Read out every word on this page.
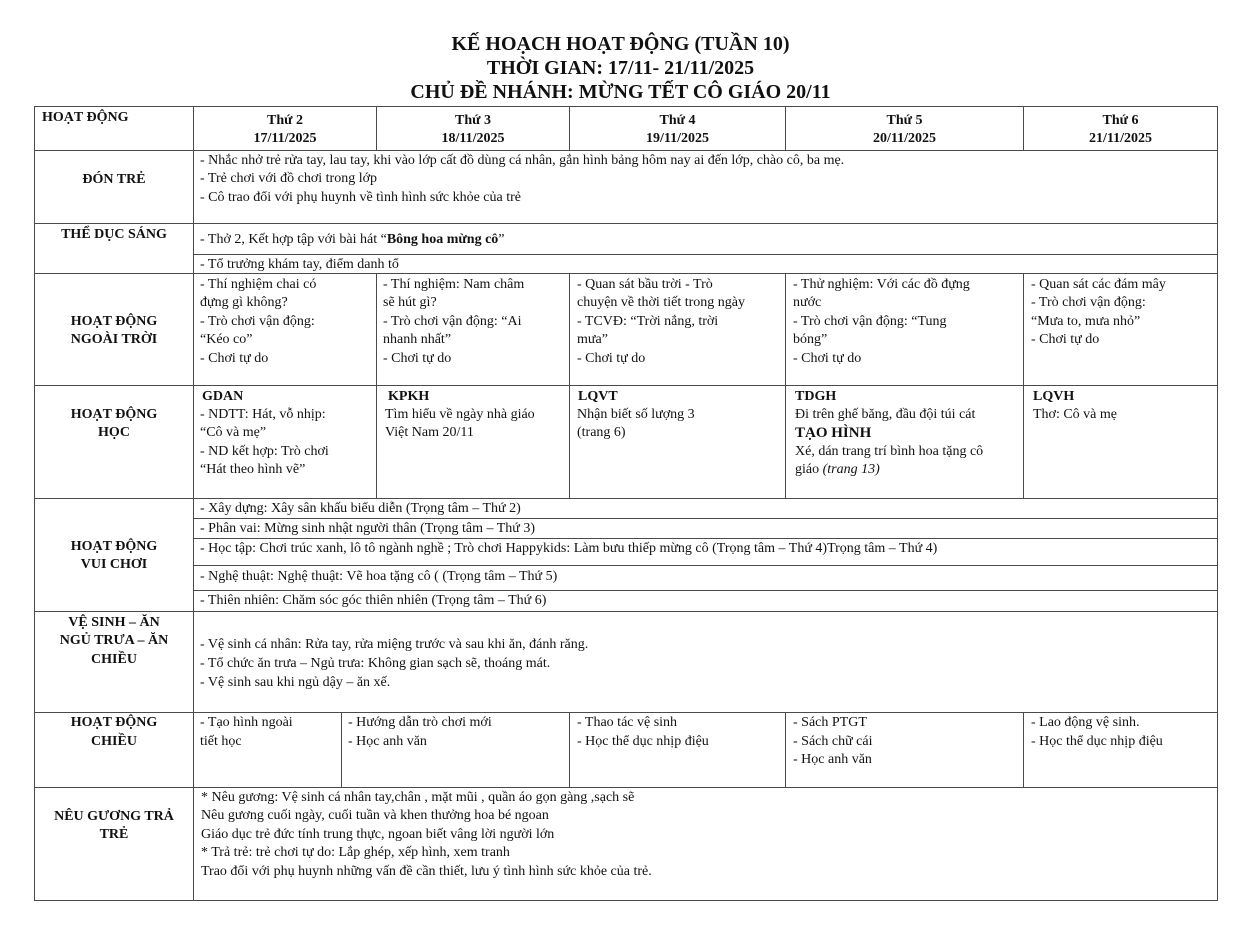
KẾ HOẠCH HOẠT ĐỘNG (TUẦN 10)
THỜI GIAN: 17/11- 21/11/2025
CHỦ ĐỀ NHÁNH: MỪNG TẾT CÔ GIÁO 20/11
HOẠT ĐỘNG	Thứ 2
17/11/2025
Thứ 3
18/11/2025
Thứ 4
19/11/2025
Thứ 5
20/11/2025
Thứ 6
21/11/2025
ĐÓN TRẺ
- Nhắc nhở trẻ rửa tay, lau tay, khi vào lớp cất đồ dùng cá nhân, gắn hình bảng hôm nay ai đến lớp, chào cô, ba mẹ.
- Trẻ chơi với đồ chơi trong lớp
- Cô trao đổi với phụ huynh về tình hình sức khỏe của trẻ
THỂ DỤC SÁNG	- Thở 2, Kết hợp tập với bài hát “Bông hoa mừng cô”
- Tổ trưởng khám tay, điểm danh tổ
HOẠT ĐỘNG
NGOÀI TRỜI
- Thí nghiệm chai có
đựng gì không?
- Trò chơi vận động:
“Kéo co”
- Chơi tự do
- Thí nghiệm: Nam châm
sẽ hút gì?
- Trò chơi vận động: “Ai
nhanh nhất”
- Chơi tự do
- Quan sát bầu trời - Trò
chuyện về thời tiết trong ngày
- TCVĐ: “Trời nắng, trời
mưa”
- Chơi tự do
- Thử nghiệm: Với các đồ đựng
nước
- Trò chơi vận động: “Tung
bóng”
- Chơi tự do
- Quan sát các đám mây
- Trò chơi vận động:
“Mưa to, mưa nhỏ”
- Chơi tự do
HOẠT ĐỘNG
HỌC
GDAN
- NDTT: Hát, vỗ nhịp:
“Cô và mẹ”
- ND kết hợp: Trò chơi
“Hát theo hình vẽ”
KPKH
Tìm hiểu về ngày nhà giáo
Việt Nam 20/11
LQVT
Nhận biết số lượng 3
(trang 6)
TDGH
Đi trên ghế băng, đầu đội túi cát
TẠO HÌNH
Xé, dán trang trí bình hoa tặng cô
giáo (trang 13)
LQVH
Thơ: Cô và mẹ
HOẠT ĐỘNG
VUI CHƠI
- Xây dựng: Xây sân khấu biểu diễn (Trọng tâm – Thứ 2)
- Phân vai: Mừng sinh nhật người thân (Trọng tâm – Thứ 3)
- Học tập: Chơi trúc xanh, lô tô ngành nghề ; Trò chơi Happykids: Làm bưu thiếp mừng cô (Trọng tâm – Thứ 4)Trọng tâm – Thứ 4)
- Nghệ thuật: Nghệ thuật: Vẽ hoa tặng cô ( (Trọng tâm – Thứ 5)
- Thiên nhiên: Chăm sóc góc thiên nhiên (Trọng tâm – Thứ 6)
VỆ SINH – ĂN
NGỦ TRƯA – ĂN
CHIỀU
- Vệ sinh cá nhân: Rửa tay, rửa miệng trước và sau khi ăn, đánh răng.
- Tổ chức ăn trưa – Ngủ trưa: Không gian sạch sẽ, thoáng mát.
- Vệ sinh sau khi ngủ dậy – ăn xế.
HOẠT ĐỘNG
CHIỀU
- Tạo hình ngoài
tiết học
- Hướng dẫn trò chơi mới
- Học anh văn
- Thao tác vệ sinh
- Học thể dục nhịp điệu
- Sách PTGT
- Sách chữ cái
- Học anh văn
- Lao động vệ sinh.
- Học thể dục nhịp điệu
NÊU GƯƠNG TRẢ
TRẺ
* Nêu gương: Vệ sinh cá nhân tay,chân , mặt mũi , quần áo gọn gàng ,sạch sẽ
Nêu gương cuối ngày, cuối tuần và khen thưởng hoa bé ngoan
Giáo dục trẻ đức tính trung thực, ngoan biết vâng lời người lớn
* Trả trẻ: trẻ chơi tự do: Lắp ghép, xếp hình, xem tranh
Trao đổi với phụ huynh những vấn đề cần thiết, lưu ý tình hình sức khỏe của trẻ.
